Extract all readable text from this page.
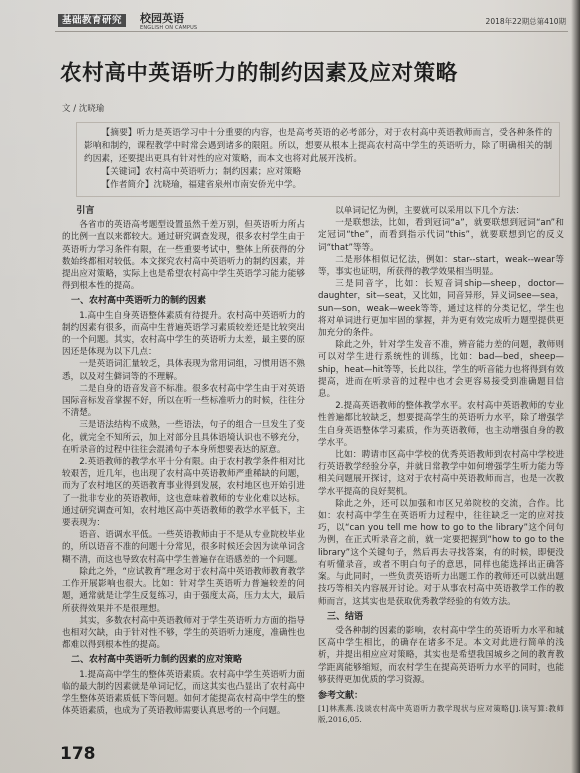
基础教育研究	校园英语
ENGLISH ON CAMPUS
2018年22期总第410期
农村高中英语听力的制约因素及应对策略
文 / 沈晓瑜

【摘要】听力是英语学习中十分重要的内容，也是高考英语的必考部分，对于农村高中英语教师而言，受各种条件的影响和制约，课程教学中时常会遇到诸多的限阻。所以，想要从根本上提高农村高中学生的英语听力，除了明确相关的制约因素，还要提出更具有针对性的应对策略，而本文也将对此展开浅析。

【关键词】农村高中英语听力；制约因素；应对策略

【作者简介】沈晓瑜，福建省泉州市南安侨光中学。

引言

各省市的英语高考题型设置虽然千差万别，但英语听力所占的比例一直以来都较大。通过研究调查发现，很多农村学生由于英语听力学习条件有限，在一些重要考试中，整体上所获得的分数始终都相对较低。本文探究农村高中英语听力的制约因素，并提出应对策略，实际上也是希望农村高中学生英语学习能力能够得到根本性的提高。

一、农村高中英语听力的制约因素

1.高中生自身英语整体素质有待提升。农村高中英语听力的制约因素有很多，而高中生普遍英语学习素质较差还是比较突出的一个问题。其实，农村高中学生的英语听力太差，最主要的原因还是体现为以下几点：

一是英语词汇量较乏，具体表现为常用词组，习惯用语不熟悉，以及对生僻词等的不理解。

二是自身的语音发音不标准。很多农村高中学生由于对英语国际音标发音掌握不好，所以在听一些标准听力的时候，往往分不清楚。

三是语法结构不成熟，一些语法，句子的组合一旦发生了变化，就完全不知所云，加上对部分且具体语境认识也不够充分，在听录音的过程中往往会混淆句子本身所想要表达的原意。

2.英语教师的教学水平十分有限。由于农村教学条件相对比较艰苦，近几年，也出现了农村高中英语教师严重稀缺的问题，而为了农村地区的英语教育事业得到发展，农村地区也开始引进了一批非专业的英语教师，这也意味着教师的专业化难以达标。通过研究调查可知，农村地区高中英语教师的教学水平低下，主要表现为：

语音、语调水平低。一些英语教师由于不是从专业院校毕业的，所以语音不准的问题十分常见，很多时候还会因为读单词含糊不清，而这也导致农村高中学生普遍存在语感差的一个问题。

除此之外，“应试教育”理念对于农村高中英语教师教育教学工作开展影响也很大。比如：针对学生英语听力普遍较差的问题，通常就是让学生反复练习，由于强度太高，压力太大，最后所获得效果并不是很理想。

其实，多数农村高中英语教师对于学生英语听力方面的指导也相对欠缺，由于针对性不够，学生的英语听力速度，准确性也都难以得到根本性的提高。

二、农村高中英语听力制约因素的应对策略

1.提高高中学生的整体英语素质。农村高中学生英语听力面临的最大制约因素就是单词记忆，而这其实也凸显出了农村高中学生整体英语素质低下等问题。如何才能提高农村高中学生的整体英语素质，也成为了英语教师需要认真思考的一个问题。

以单词记忆为例，主要就可以采用以下几个方法：

一是联想法，比如，看到冠词“a”，就要联想到冠词“an”和定冠词“the”，而看到指示代词“this”，就要联想到它的反义词“that”等等。

二是形体相似记忆法，例如：star--start，weak--wear等等，事实也证明，所获得的教学效果相当明显。

三是同音字，比如：长短音词ship—sheep，doctor—daughter，sit—seat，又比如，同音异形，异义词see—sea，sun—son，weak—week等等，通过这样的分类记忆，学生也将对单词进行更加牢固的掌握，并为更有效完成听力题型提供更加充分的条件。

除此之外，针对学生发音不准，辨音能力差的问题，教师则可以对学生进行系统性的训练，比如：bad—bed，sheep—ship，heat—hit等等，长此以往，学生的听音能力也将得到有效提高，进而在听录音的过程中也才会更容易接受到准确题目信息。

2.提高英语教师的整体教学水平。农村高中英语教师的专业性普遍都比较缺乏，想要提高学生的英语听力水平，除了增强学生自身英语整体学习素质，作为英语教师，也主动增强自身的教学水平。

比如：聘请市区高中学校的优秀英语教师到农村高中学校进行英语教学经验分享，并就日常教学中如何增强学生听力能力等相关问题展开探讨，这对于农村高中英语教师而言，也是一次教学水平提高的良好契机。

除此之外，还可以加强和市区兄弟院校的交流，合作。比如：农村高中学生在英语听力过程中，往往缺乏一定的应对技巧，以“can you tell me how to go to the library”这个问句为例，在正式听录音之前，就一定要把握到“how to go to the library”这个关键句子，然后再去寻找答案，有的时候，即便没有听懂录音，或者不明白句子的意思，同样也能选择出正确答案。与此同时，一些负责英语听力出题工作的教师还可以就出题技巧等相关内容展开讨论。对于从事农村高中英语教学工作的教师而言，这其实也是获取优秀教学经验的有效方法。

三、结语

受各种制约因素的影响，农村高中学生的英语听力水平和城区高中学生相比，的确存在诸多不足。本文对此进行简单的浅析，并提出相应应对策略，其实也是希望我国城乡之间的教育教学距离能够缩短，而农村学生在提高英语听力水平的同时，也能够获得更加优质的学习资源。

参考文献：

[1]林燕燕.浅谈农村高中英语听力教学现状与应对策略[J].读写算:教师版,2016,05.

178
